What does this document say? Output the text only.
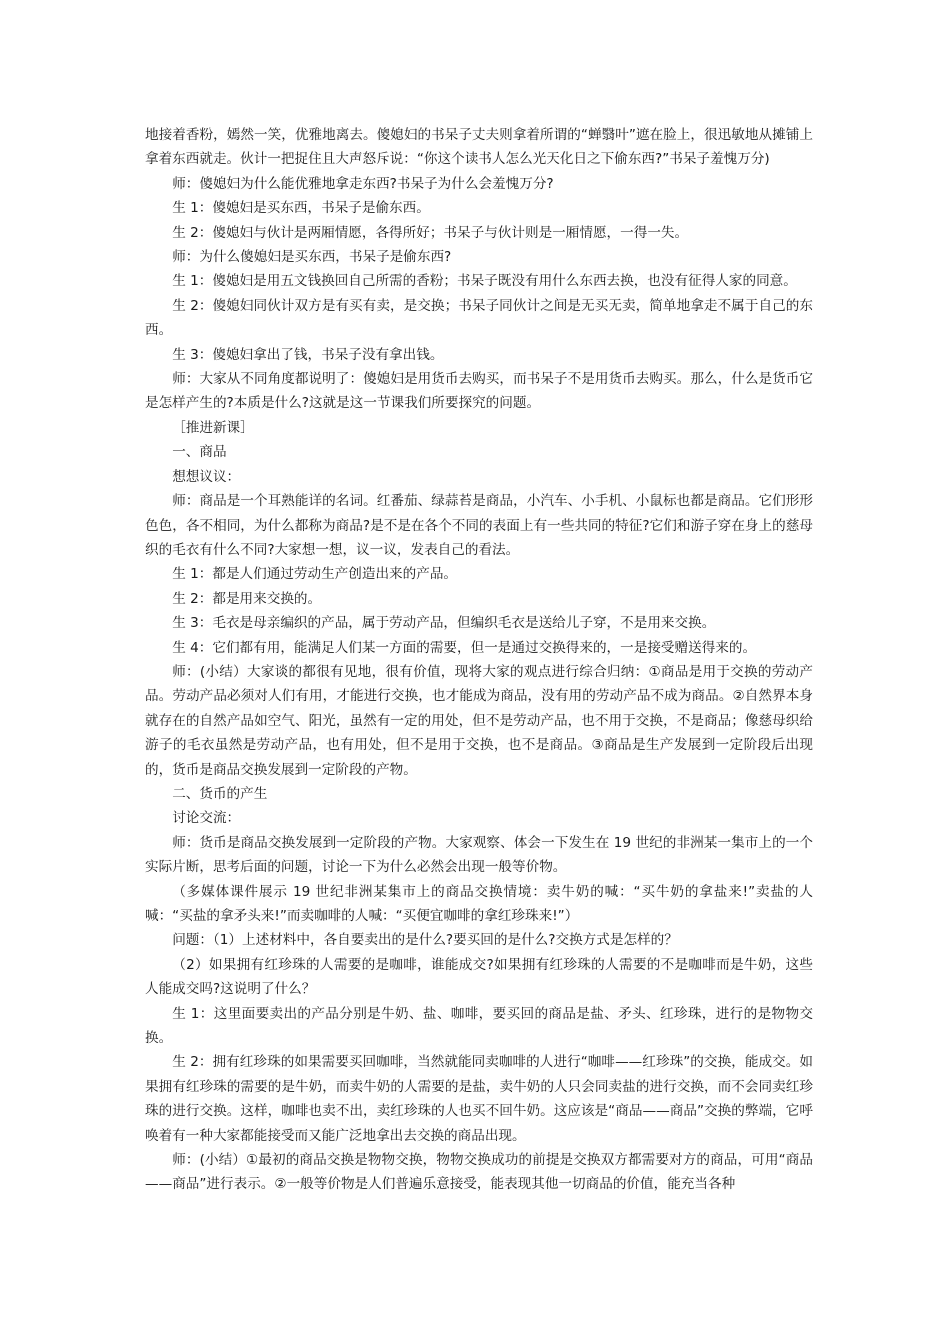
地接着香粉，嫣然一笑，优雅地离去。傻媳妇的书呆子丈夫则拿着所谓的“蝉翳叶”遮在脸上，很迅敏地从摊铺上拿着东西就走。伙计一把捉住且大声怒斥说：“你这个读书人怎么光天化日之下偷东西?”书呆子羞愧万分)

师：傻媳妇为什么能优雅地拿走东西?书呆子为什么会羞愧万分?

生 1：傻媳妇是买东西，书呆子是偷东西。

生 2：傻媳妇与伙计是两厢情愿，各得所好；书呆子与伙计则是一厢情愿，一得一失。

师：为什么傻媳妇是买东西，书呆子是偷东西?

生 1：傻媳妇是用五文钱换回自己所需的香粉；书呆子既没有用什么东西去换，也没有征得人家的同意。

生 2：傻媳妇同伙计双方是有买有卖，是交换；书呆子同伙计之间是无买无卖，简单地拿走不属于自己的东西。

生 3：傻媳妇拿出了钱，书呆子没有拿出钱。

师：大家从不同角度都说明了：傻媳妇是用货币去购买，而书呆子不是用货币去购买。那么，什么是货币它是怎样产生的?本质是什么?这就是这一节课我们所要探究的问题。

［推进新课］

一、商品

想想议议：

师：商品是一个耳熟能详的名词。红番茄、绿蒜苔是商品，小汽车、小手机、小鼠标也都是商品。它们形形色色，各不相同，为什么都称为商品?是不是在各个不同的表面上有一些共同的特征?它们和游子穿在身上的慈母织的毛衣有什么不同?大家想一想，议一议，发表自己的看法。

生 1：都是人们通过劳动生产创造出来的产品。

生 2：都是用来交换的。

生 3：毛衣是母亲编织的产品，属于劳动产品，但编织毛衣是送给儿子穿，不是用来交换。

生 4：它们都有用，能满足人们某一方面的需要，但一是通过交换得来的，一是接受赠送得来的。

师：(小结）大家谈的都很有见地，很有价值，现将大家的观点进行综合归纳：①商品是用于交换的劳动产品。劳动产品必须对人们有用，才能进行交换，也才能成为商品，没有用的劳动产品不成为商品。②自然界本身就存在的自然产品如空气、阳光，虽然有一定的用处，但不是劳动产品，也不用于交换，不是商品；像慈母织给游子的毛衣虽然是劳动产品，也有用处，但不是用于交换，也不是商品。③商品是生产发展到一定阶段后出现的，货币是商品交换发展到一定阶段的产物。

二、货币的产生

讨论交流：

师：货币是商品交换发展到一定阶段的产物。大家观察、体会一下发生在 19 世纪的非洲某一集市上的一个实际片断，思考后面的问题，讨论一下为什么必然会出现一般等价物。

（多媒体课件展示 19 世纪非洲某集市上的商品交换情境：卖牛奶的喊：“买牛奶的拿盐来!”卖盐的人喊：“买盐的拿矛头来!”而卖咖啡的人喊：“买便宜咖啡的拿红珍珠来!”）

问题：（1）上述材料中，各自要卖出的是什么?要买回的是什么?交换方式是怎样的？

（2）如果拥有红珍珠的人需要的是咖啡，谁能成交?如果拥有红珍珠的人需要的不是咖啡而是牛奶，这些人能成交吗?这说明了什么？

生 1：这里面要卖出的产品分别是牛奶、盐、咖啡，要买回的商品是盐、矛头、红珍珠，进行的是物物交换。

生 2：拥有红珍珠的如果需要买回咖啡，当然就能同卖咖啡的人进行“咖啡——红珍珠”的交换，能成交。如果拥有红珍珠的需要的是牛奶，而卖牛奶的人需要的是盐，卖牛奶的人只会同卖盐的进行交换，而不会同卖红珍珠的进行交换。这样，咖啡也卖不出，卖红珍珠的人也买不回牛奶。这应该是“商品——商品”交换的弊端，它呼唤着有一种大家都能接受而又能广泛地拿出去交换的商品出现。

师：(小结）①最初的商品交换是物物交换，物物交换成功的前提是交换双方都需要对方的商品，可用“商品——商品”进行表示。②一般等价物是人们普遍乐意接受，能表现其他一切商品的价值，能充当各种
